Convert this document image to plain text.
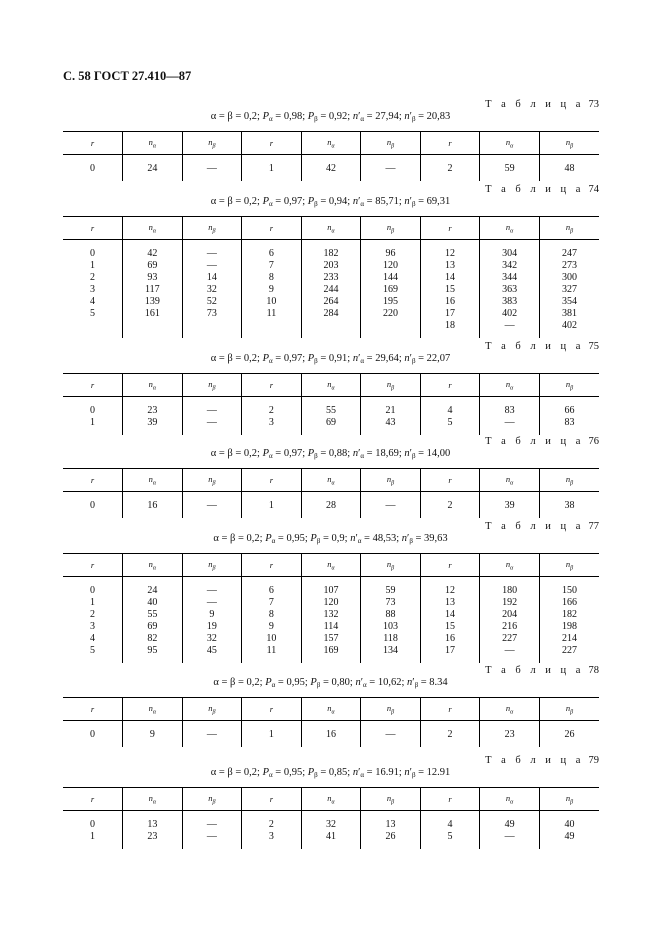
С. 58 ГОСТ 27.410—87
Т а б л и ц а 73
α = β = 0,2; $P_\alpha = 0,98$; $P_\beta = 0,92$; $n'_\alpha = 27,94$; $n'_\beta = 20,83$
r	$n_\alpha$	$n_\beta$	r	$n_\alpha$	$n_\beta$	r	$n_\alpha$	$n_\beta$

0	24	—	1	42	—	2	59	48
Т а б л и ц а 74
α = β = 0,2; $P_\alpha = 0,97$; $P_\beta = 0,94$; $n'_\alpha = 85,71$; $n'_\beta = 69,31$
r	$n_\alpha$	$n_\beta$	r	$n_\alpha$	$n_\beta$	r	$n_\alpha$	$n_\beta$

0	42	—	6	182	96	12	304	247
1	69	—	7	203	120	13	342	273
2	93	14	8	233	144	14	344	300
3	117	32	9	244	169	15	363	327
4	139	52	10	264	195	16	383	354
5	161	73	11	284	220	17	402	381
						18	—	402
Т а б л и ц а 75
α = β = 0,2; $P_\alpha = 0,97$; $P_\beta = 0,91$; $n'_\alpha = 29,64$; $n'_\beta = 22,07$
r	$n_\alpha$	$n_\beta$	r	$n_\alpha$	$n_\beta$	r	$n_\alpha$	$n_\beta$

0	23	—	2	55	21	4	83	66
1	39	—	3	69	43	5	—	83
Т а б л и ц а 76
α = β = 0,2; $P_\alpha = 0,97$; $P_\beta = 0,88$; $n'_\alpha = 18,69$; $n'_\beta = 14,00$
r	$n_\alpha$	$n_\beta$	r	$n_\alpha$	$n_\beta$	r	$n_\alpha$	$n_\beta$

0	16	—	1	28	—	2	39	38
Т а б л и ц а 77
α = β = 0,2; $P_\alpha = 0,95$; $P_\beta = 0,9$; $n'_\alpha = 48,53$; $n'_\beta = 39,63$
r	$n_\alpha$	$n_\beta$	r	$n_\alpha$	$n_\beta$	r	$n_\alpha$	$n_\beta$

0	24	—	6	107	59	12	180	150
1	40	—	7	120	73	13	192	166
2	55	9	8	132	88	14	204	182
3	69	19	9	114	103	15	216	198
4	82	32	10	157	118	16	227	214
5	95	45	11	169	134	17	—	227
Т а б л и ц а 78
α = β = 0,2; $P_\alpha = 0,95$; $P_\beta = 0,80$; $n'_\alpha = 10,62$; $n'_\beta = 8.34$
r	$n_\alpha$	$n_\beta$	r	$n_\alpha$	$n_\beta$	r	$n_\alpha$	$n_\beta$

0	9	—	1	16	—	2	23	26
Т а б л и ц а 79
α = β = 0,2; $P_\alpha = 0,95$; $P_\beta = 0,85$; $n'_\alpha = 16.91$; $n'_\beta = 12.91$
r	$n_\alpha$	$n_\beta$	r	$n_\alpha$	$n_\beta$	r	$n_\alpha$	$n_\beta$

0	13	—	2	32	13	4	49	40
1	23	—	3	41	26	5	—	49
